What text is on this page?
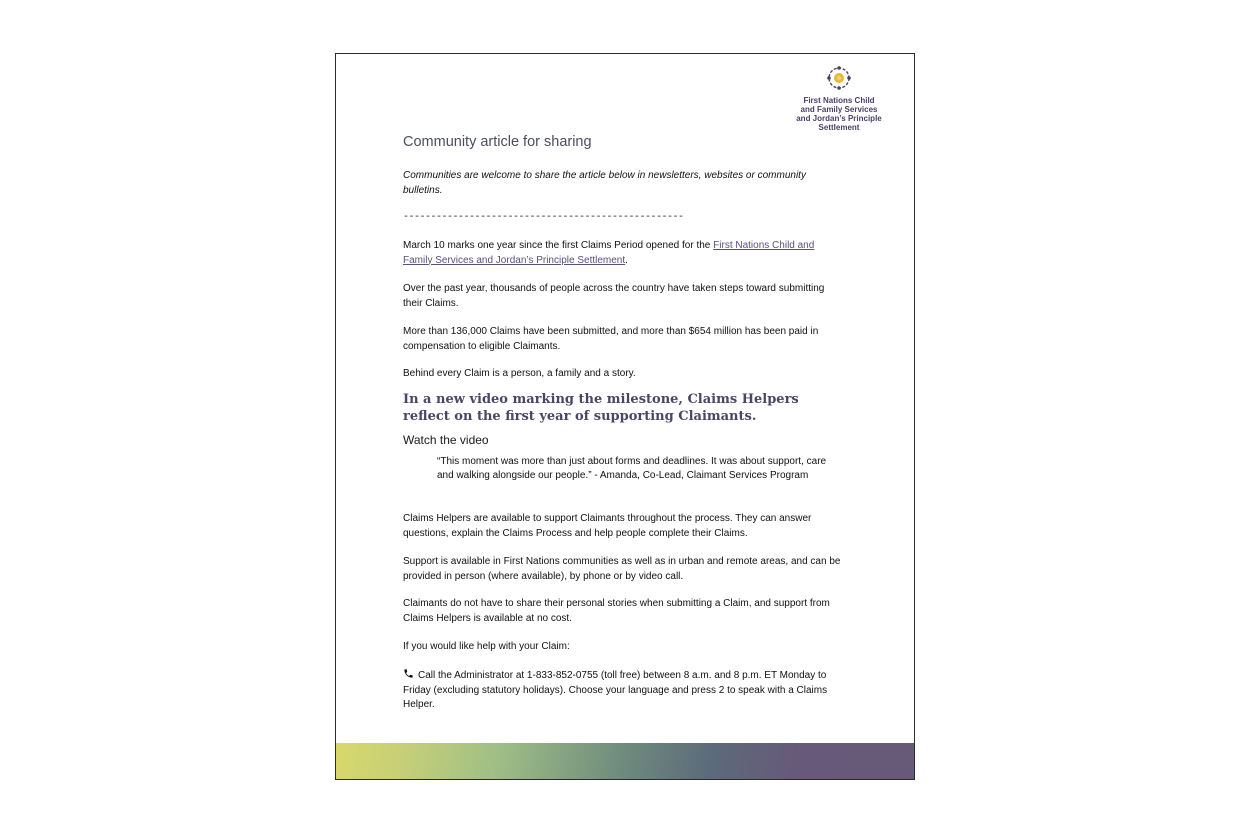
First Nations Child
and Family Services
and Jordan’s Principle
Settlement
Community article for sharing
Communities are welcome to share the article below in newsletters, websites or community bulletins.
---------------------------------------------------
March 10 marks one year since the first Claims Period opened for the First Nations Child and Family Services and Jordan’s Principle Settlement.
Over the past year, thousands of people across the country have taken steps toward submitting their Claims.
More than 136,000 Claims have been submitted, and more than $654 million has been paid in compensation to eligible Claimants.
Behind every Claim is a person, a family and a story.
In a new video marking the milestone, Claims Helpers reflect on the first year of supporting Claimants.
Watch the video
“This moment was more than just about forms and deadlines. It was about support, care and walking alongside our people.” - Amanda, Co-Lead, Claimant Services Program
Claims Helpers are available to support Claimants throughout the process. They can answer questions, explain the Claims Process and help people complete their Claims.
Support is available in First Nations communities as well as in urban and remote areas, and can be provided in person (where available), by phone or by video call.
Claimants do not have to share their personal stories when submitting a Claim, and support from Claims Helpers is available at no cost.
If you would like help with your Claim:
Call the Administrator at 1-833-852-0755 (toll free) between 8 a.m. and 8 p.m. ET Monday to Friday (excluding statutory holidays). Choose your language and press 2 to speak with a Claims Helper.
